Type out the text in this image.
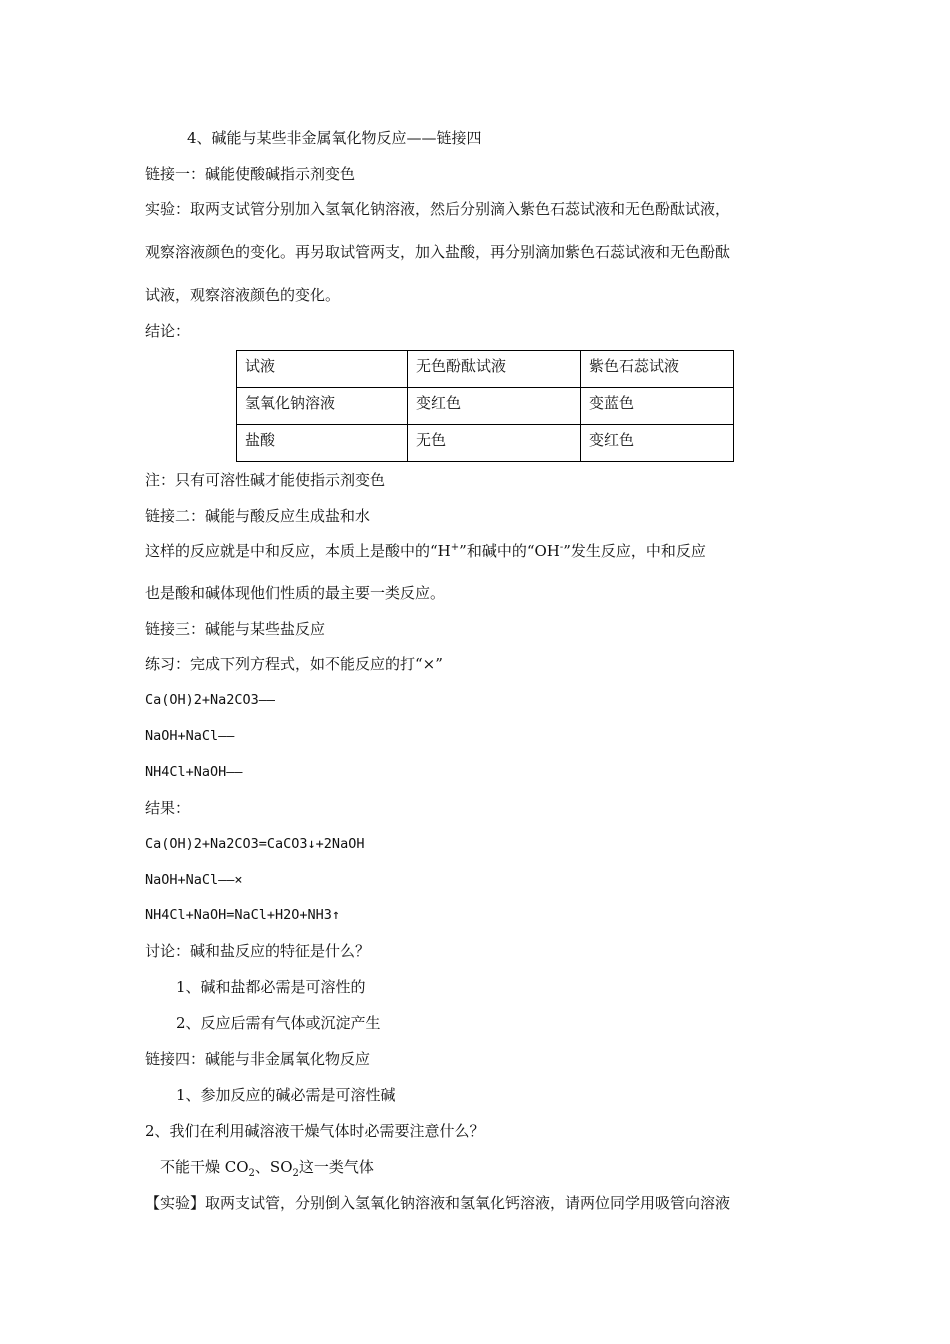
4、碱能与某些非金属氧化物反应——链接四
链接一：碱能使酸碱指示剂变色
实验：取两支试管分别加入氢氧化钠溶液，然后分别滴入紫色石蕊试液和无色酚酞试液，
观察溶液颜色的变化。再另取试管两支，加入盐酸，再分别滴加紫色石蕊试液和无色酚酞
试液，观察溶液颜色的变化。
结论：
试液	无色酚酞试液	紫色石蕊试液
氢氧化钠溶液	变红色	变蓝色
盐酸	无色	变红色
注：只有可溶性碱才能使指示剂变色
链接二：碱能与酸反应生成盐和水
这样的反应就是中和反应，本质上是酸中的“H+”和碱中的“OH-”发生反应，中和反应
也是酸和碱体现他们性质的最主要一类反应。
链接三：碱能与某些盐反应
练习：完成下列方程式，如不能反应的打“×”
Ca(OH)2+Na2CO3——
NaOH+NaCl——
NH4Cl+NaOH——
结果：
Ca(OH)2+Na2CO3=CaCO3↓+2NaOH
NaOH+NaCl——×
NH4Cl+NaOH=NaCl+H2O+NH3↑
讨论：碱和盐反应的特征是什么？
1、碱和盐都必需是可溶性的
2、反应后需有气体或沉淀产生
链接四：碱能与非金属氧化物反应
1、参加反应的碱必需是可溶性碱
2、我们在利用碱溶液干燥气体时必需要注意什么？
不能干燥 $CO_2$、$SO_2$这一类气体
【实验】取两支试管，分别倒入氢氧化钠溶液和氢氧化钙溶液，请两位同学用吸管向溶液
